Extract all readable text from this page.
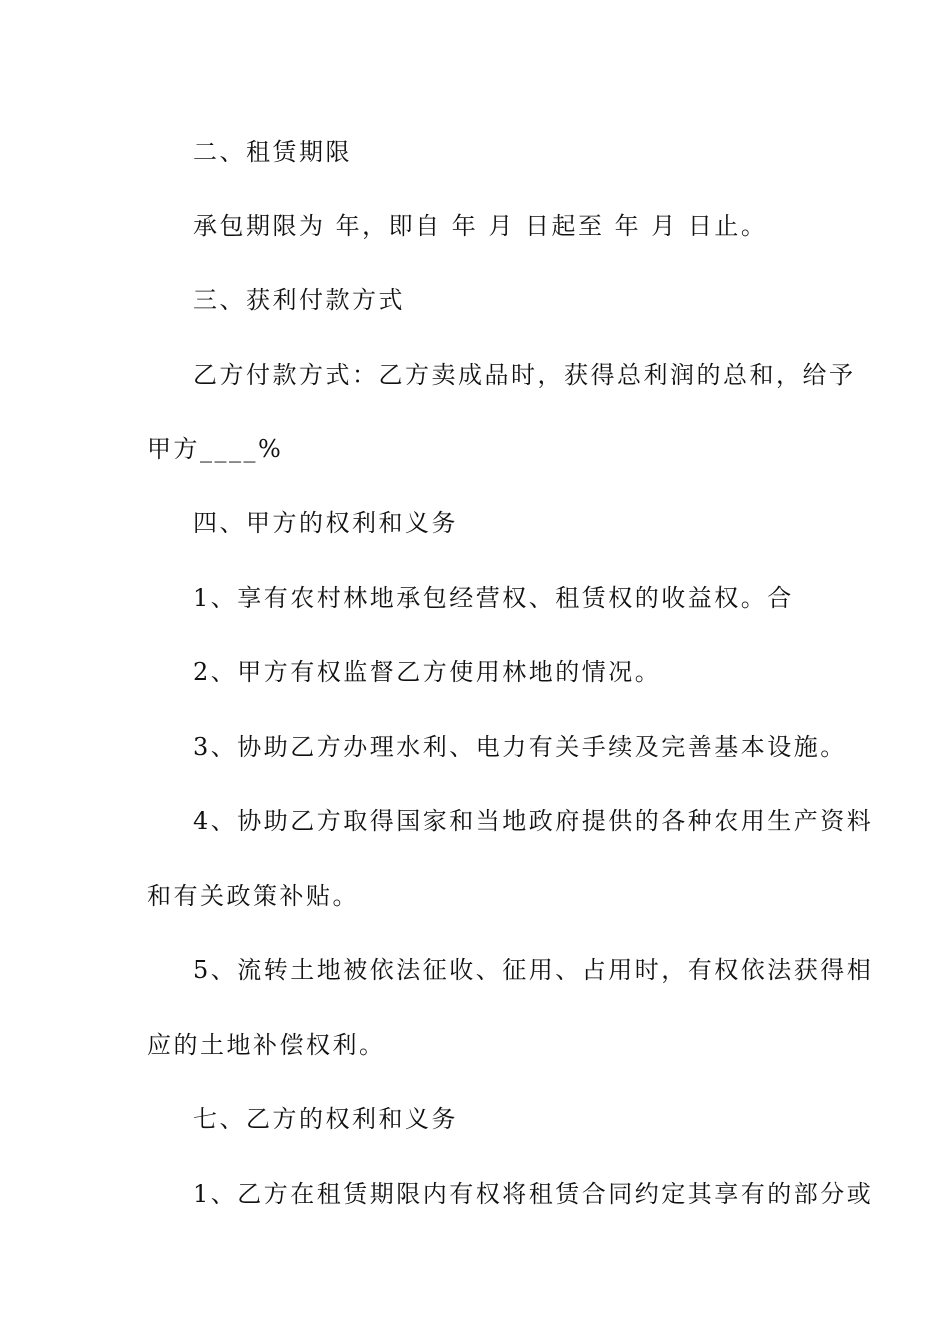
二、租赁期限
承包期限为 年，即自 年 月 日起至 年 月 日止。
三、获利付款方式
乙方付款方式：乙方卖成品时，获得总利润的总和，给予
甲方____%
四、甲方的权利和义务
1、享有农村林地承包经营权、租赁权的收益权。合
2、甲方有权监督乙方使用林地的情况。
3、协助乙方办理水利、电力有关手续及完善基本设施。
4、协助乙方取得国家和当地政府提供的各种农用生产资料
和有关政策补贴。
5、流转土地被依法征收、征用、占用时，有权依法获得相
应的土地补偿权利。
七、乙方的权利和义务
1、乙方在租赁期限内有权将租赁合同约定其享有的部分或
